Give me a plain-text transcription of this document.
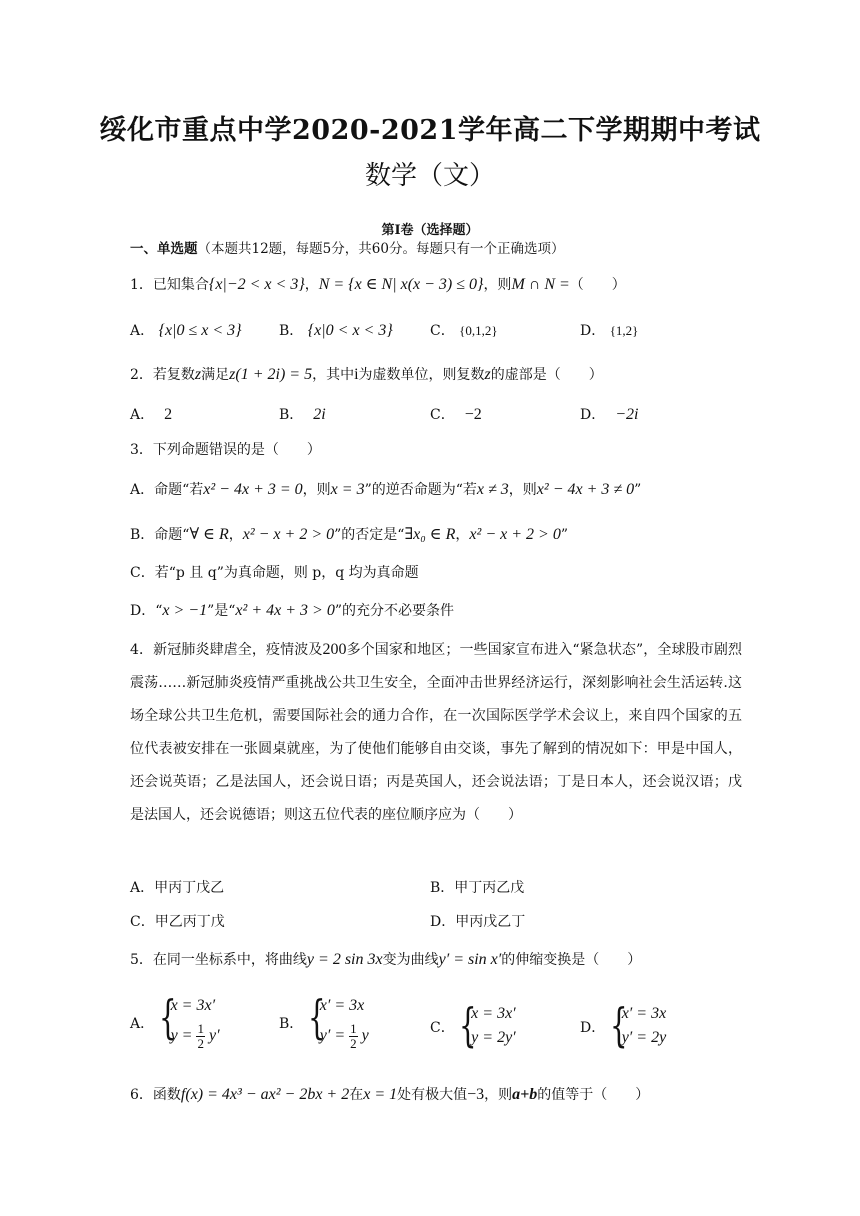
绥化市重点中学2020-2021学年高二下学期期中考试
数学（文）
第Ⅰ卷（选择题）
一、单选题（本题共12题，每题5分，共60分。每题只有一个正确选项）
1．已知集合{x|−2 < x < 3}，N = {x ∈ N| x(x − 3) ≤ 0}，则M ∩ N =（　　）
A． {x|0 ≤ x < 3}	B． {x|0 < x < 3}	C． {0,1,2}	D． {1,2}
2．若复数z满足z(1 + 2i) = 5，其中i为虚数单位，则复数z的虚部是（　　）
A． 2	B． 2i	C． −2	D． −2i
3．下列命题错误的是（　　）
A．命题“若x² − 4x + 3 = 0，则x = 3”的逆否命题为“若x ≠ 3，则x² − 4x + 3 ≠ 0”
B．命题“∀ ∈ R，x² − x + 2 > 0”的否定是“∃x₀ ∈ R，x² − x + 2 > 0”
C．若“p 且 q”为真命题，则 p，q 均为真命题
D．“x > −1”是“x² + 4x + 3 > 0”的充分不必要条件
4．新冠肺炎肆虐全，疫情波及200多个国家和地区；一些国家宣布进入“紧急状态”，全球股市剧烈震荡……新冠肺炎疫情严重挑战公共卫生安全，全面冲击世界经济运行，深刻影响社会生活运转.这场全球公共卫生危机，需要国际社会的通力合作，在一次国际医学学术会议上，来自四个国家的五位代表被安排在一张圆桌就座，为了使他们能够自由交谈，事先了解到的情况如下：甲是中国人，还会说英语；乙是法国人，还会说日语；丙是英国人，还会说法语；丁是日本人，还会说汉语；戊是法国人，还会说德语；则这五位代表的座位顺序应为（　　）
A．甲丙丁戊乙	B．甲丁丙乙戊
C．甲乙丙丁戊	D．甲丙戊乙丁
5．在同一坐标系中，将曲线y = 2 sin 3x变为曲线y′ = sin x′的伸缩变换是（　　）
A． {
x = 3x′
$y = \frac{1}{2} y'$
B． {
x′ = 3x
$y' = \frac{1}{2}$ y	C． {
x = 3x′
y = 2y′
D． {
x′ = 3x
y′ = 2y
6．函数f(x) = 4x³ − ax² − 2bx + 2在x = 1处有极大值−3，则a+b的值等于（　　）
